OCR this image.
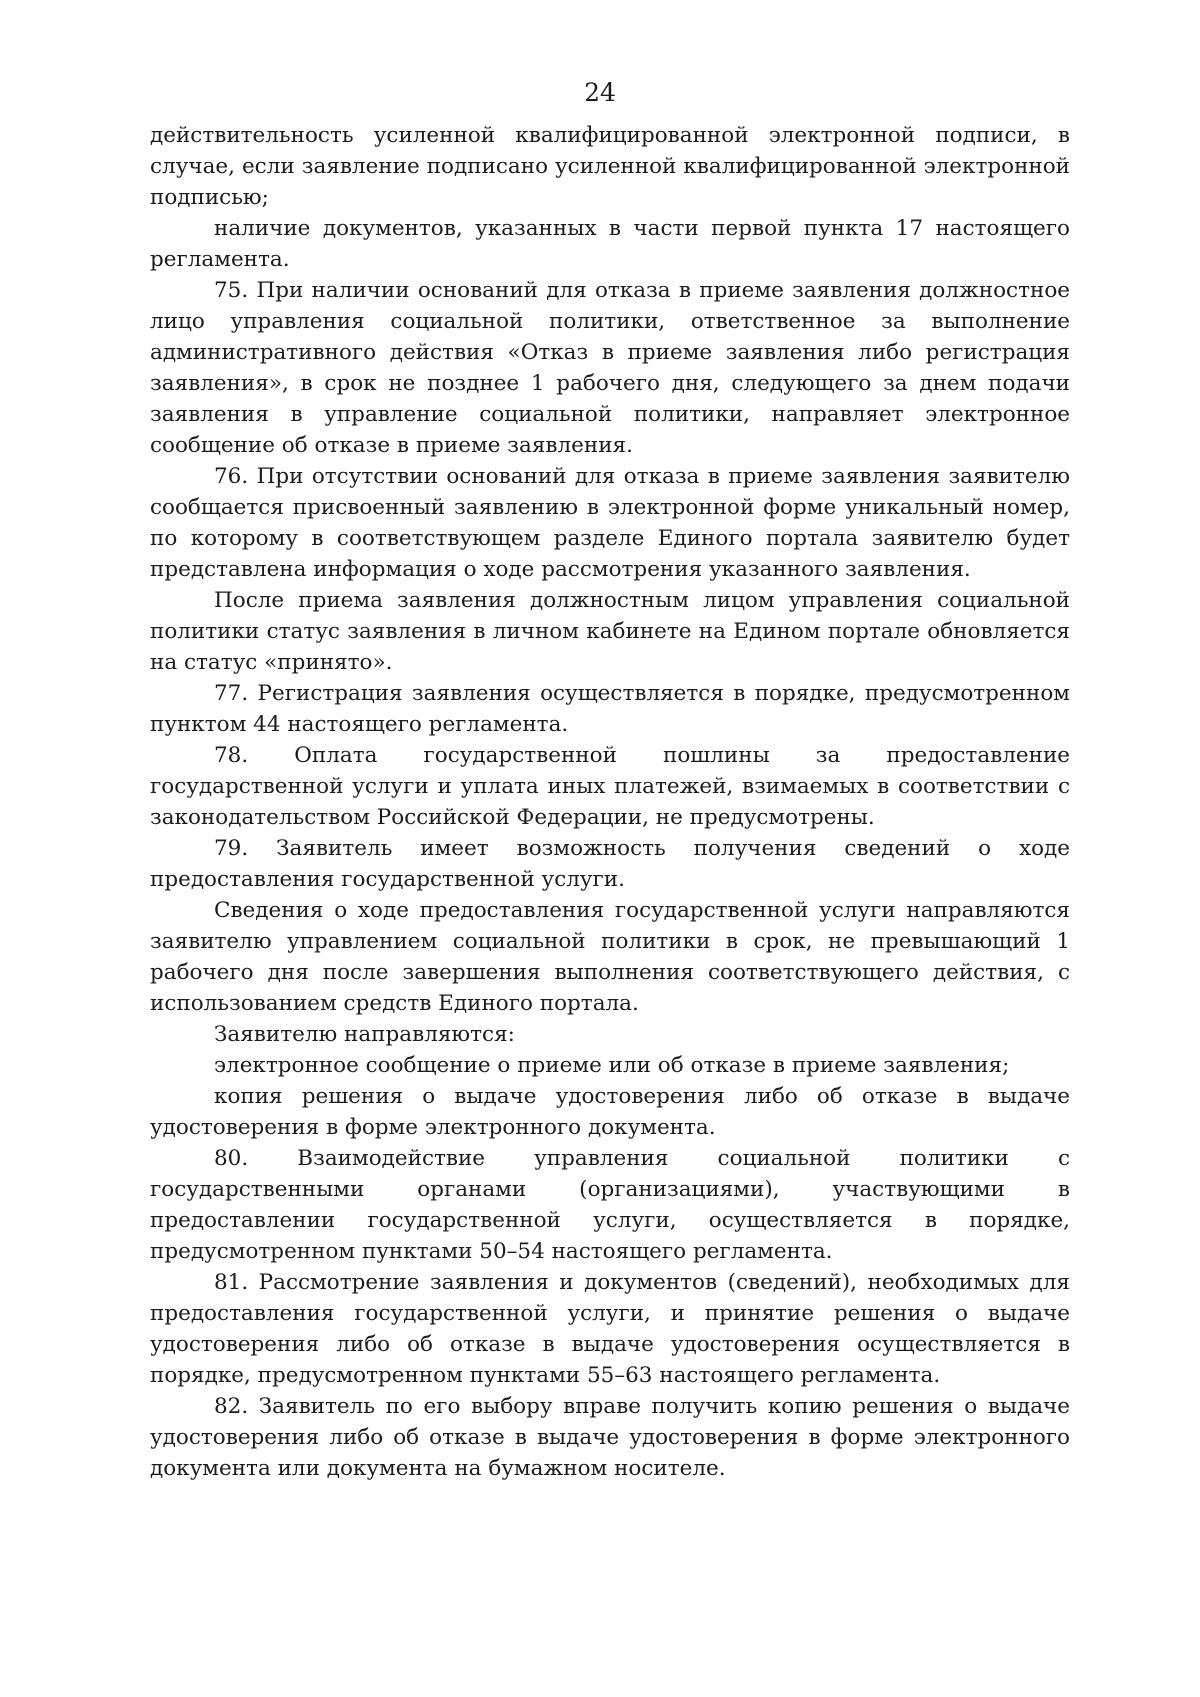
24

действительность усиленной квалифицированной электронной подписи, в случае, если заявление подписано усиленной квалифицированной электронной подписью;

наличие документов, указанных в части первой пункта 17 настоящего регламента.

75. При наличии оснований для отказа в приеме заявления должностное лицо управления социальной политики, ответственное за выполнение административного действия «Отказ в приеме заявления либо регистрация заявления», в срок не позднее 1 рабочего дня, следующего за днем подачи заявления в управление социальной политики, направляет электронное сообщение об отказе в приеме заявления.

76. При отсутствии оснований для отказа в приеме заявления заявителю сообщается присвоенный заявлению в электронной форме уникальный номер, по которому в соответствующем разделе Единого портала заявителю будет представлена информация о ходе рассмотрения указанного заявления.

После приема заявления должностным лицом управления социальной политики статус заявления в личном кабинете на Едином портале обновляется на статус «принято».

77. Регистрация заявления осуществляется в порядке, предусмотренном пунктом 44 настоящего регламента.

78. Оплата государственной пошлины за предоставление государственной услуги и уплата иных платежей, взимаемых в соответствии с законодательством Российской Федерации, не предусмотрены.

79. Заявитель имеет возможность получения сведений о ходе предоставления государственной услуги.

Сведения о ходе предоставления государственной услуги направляются заявителю управлением социальной политики в срок, не превышающий 1 рабочего дня после завершения выполнения соответствующего действия, с использованием средств Единого портала.

Заявителю направляются:

электронное сообщение о приеме или об отказе в приеме заявления;

копия решения о выдаче удостоверения либо об отказе в выдаче удостоверения в форме электронного документа.

80. Взаимодействие управления социальной политики с государственными органами (организациями), участвующими в предоставлении государственной услуги, осуществляется в порядке, предусмотренном пунктами 50–54 настоящего регламента.

81. Рассмотрение заявления и документов (сведений), необходимых для предоставления государственной услуги, и принятие решения о выдаче удостоверения либо об отказе в выдаче удостоверения осуществляется в порядке, предусмотренном пунктами 55–63 настоящего регламента.

82. Заявитель по его выбору вправе получить копию решения о выдаче удостоверения либо об отказе в выдаче удостоверения в форме электронного документа или документа на бумажном носителе.
